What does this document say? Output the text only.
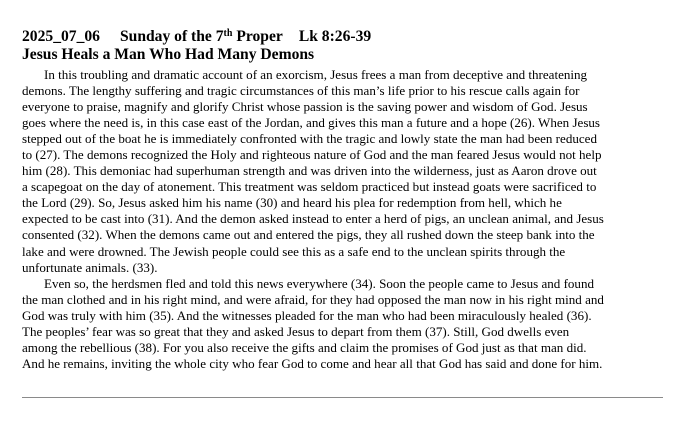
2025_07_06 Sunday of the 7th Proper Lk 8:26-39
Jesus Heals a Man Who Had Many Demons

In this troubling and dramatic account of an exorcism, Jesus frees a man from deceptive and threatening
demons. The lengthy suffering and tragic circumstances of this man’s life prior to his rescue calls again for
everyone to praise, magnify and glorify Christ whose passion is the saving power and wisdom of God. Jesus
goes where the need is, in this case east of the Jordan, and gives this man a future and a hope (26). When Jesus
stepped out of the boat he is immediately confronted with the tragic and lowly state the man had been reduced
to (27). The demons recognized the Holy and righteous nature of God and the man feared Jesus would not help
him (28). This demoniac had superhuman strength and was driven into the wilderness, just as Aaron drove out
a scapegoat on the day of atonement. This treatment was seldom practiced but instead goats were sacrificed to
the Lord (29). So, Jesus asked him his name (30) and heard his plea for redemption from hell, which he
expected to be cast into (31). And the demon asked instead to enter a herd of pigs, an unclean animal, and Jesus
consented (32). When the demons came out and entered the pigs, they all rushed down the steep bank into the
lake and were drowned. The Jewish people could see this as a safe end to the unclean spirits through the
unfortunate animals. (33).

Even so, the herdsmen fled and told this news everywhere (34). Soon the people came to Jesus and found
the man clothed and in his right mind, and were afraid, for they had opposed the man now in his right mind and
God was truly with him (35). And the witnesses pleaded for the man who had been miraculously healed (36).
The peoples’ fear was so great that they and asked Jesus to depart from them (37). Still, God dwells even
among the rebellious (38). For you also receive the gifts and claim the promises of God just as that man did.
And he remains, inviting the whole city who fear God to come and hear all that God has said and done for him.
